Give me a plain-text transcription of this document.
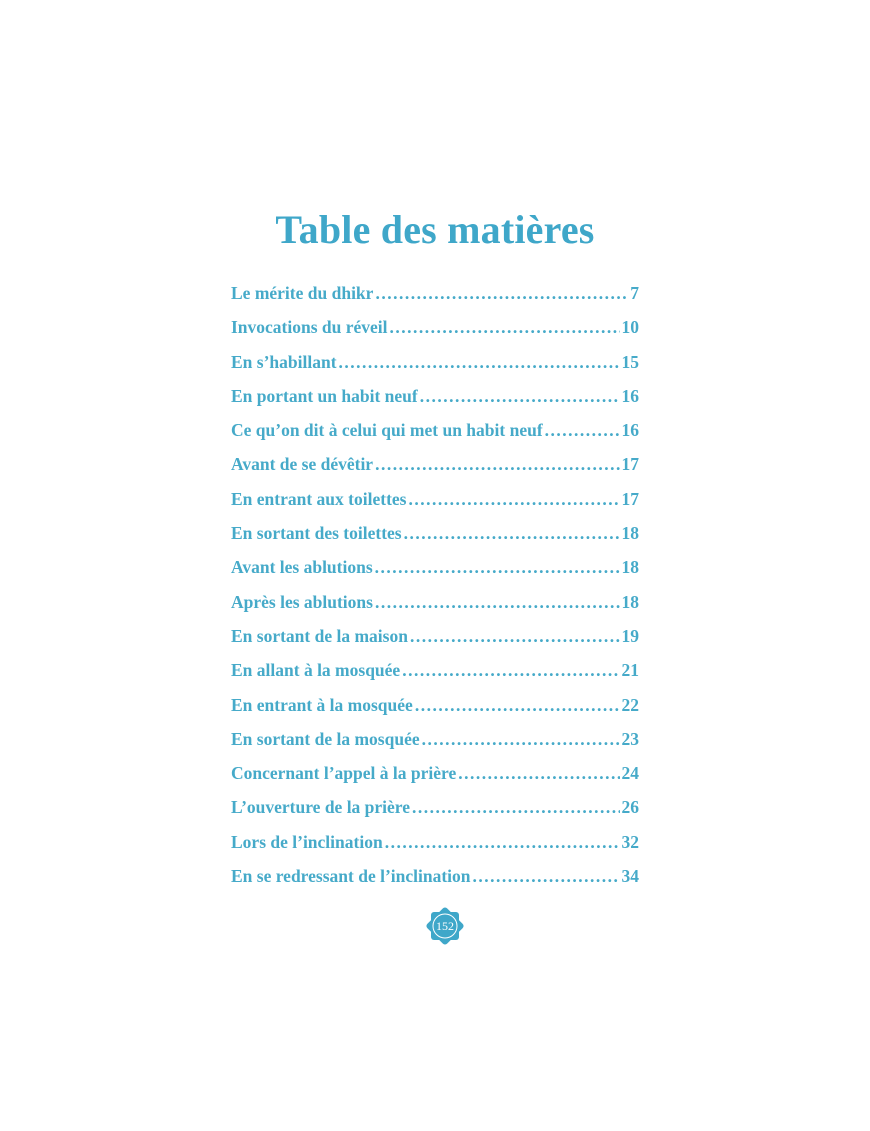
Table des matières
Le mérite du dhikr .....	7
Invocations du réveil .....	10
En s’habillant .....	15
En portant un habit neuf .....	16
Ce qu’on dit à celui qui met un habit neuf .....	16
Avant de se dévêtir .....	17
En entrant aux toilettes .....	17
En sortant des toilettes .....	18
Avant les ablutions .....	18
Après les ablutions .....	18
En sortant de la maison .....	19
En allant à la mosquée .....	21
En entrant à la mosquée .....	22
En sortant de la mosquée .....	23
Concernant l’appel à la prière .....	24
L’ouverture de la prière .....	26
Lors de l’inclination .....	32
En se redressant de l’inclination .....	34
152
